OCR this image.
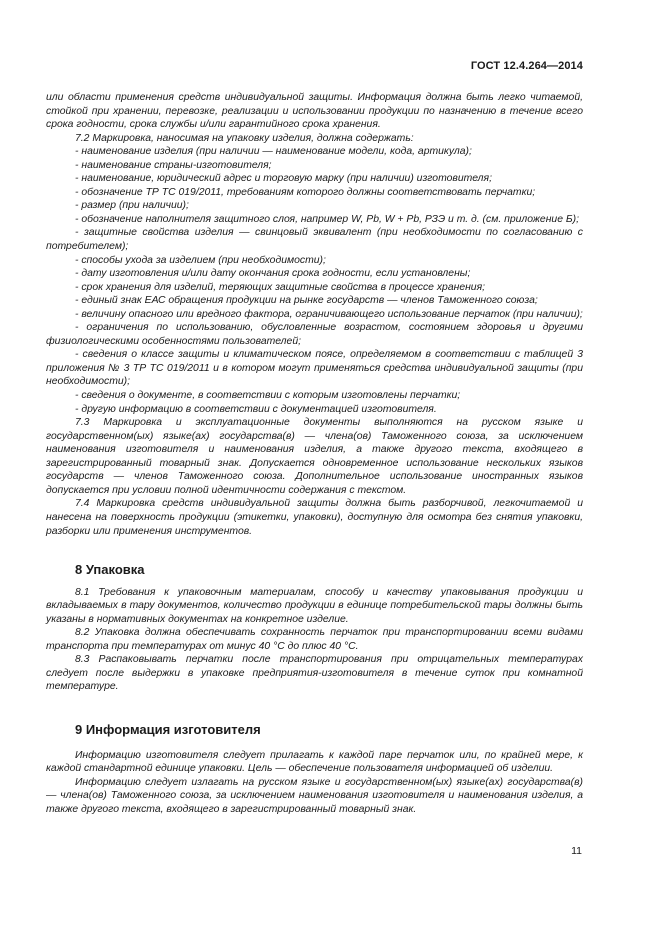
ГОСТ 12.4.264—2014

или области применения средств индивидуальной защиты. Информация должна быть легко читаемой, стойкой при хранении, перевозке, реализации и использовании продукции по назначению в течение всего срока годности, срока службы и/или гарантийного срока хранения.

7.2 Маркировка, наносимая на упаковку изделия, должна содержать:

- наименование изделия (при наличии — наименование модели, кода, артикула);

- наименование страны-изготовителя;

- наименование, юридический адрес и торговую марку (при наличии) изготовителя;

- обозначение ТР ТС 019/2011, требованиям которого должны соответствовать перчатки;

- размер (при наличии);

- обозначение наполнителя защитного слоя, например W, Pb, W + Pb, РЗЭ и т. д. (см. приложение Б);

- защитные свойства изделия — свинцовый эквивалент (при необходимости по согласованию с потребителем);

- способы ухода за изделием (при необходимости);

- дату изготовления и/или дату окончания срока годности, если установлены;

- срок хранения для изделий, теряющих защитные свойства в процессе хранения;

- единый знак ЕАС обращения продукции на рынке государств — членов Таможенного союза;

- величину опасного или вредного фактора, ограничивающего использование перчаток (при наличии);

- ограничения по использованию, обусловленные возрастом, состоянием здоровья и другими физиологическими особенностями пользователей;

- сведения о классе защиты и климатическом поясе, определяемом в соответствии с таблицей 3 приложения № 3 ТР ТС 019/2011 и в котором могут применяться средства индивидуальной защиты (при необходимости);

- сведения о документе, в соответствии с которым изготовлены перчатки;

- другую информацию в соответствии с документацией изготовителя.

7.3 Маркировка и эксплуатационные документы выполняются на русском языке и государственном(ых) языке(ах) государства(в) — члена(ов) Таможенного союза, за исключением наименования изготовителя и наименования изделия, а также другого текста, входящего в зарегистрированный товарный знак. Допускается одновременное использование нескольких языков государств — членов Таможенного союза. Дополнительное использование иностранных языков допускается при условии полной идентичности содержания с текстом.

7.4 Маркировка средств индивидуальной защиты должна быть разборчивой, легкочитаемой и нанесена на поверхность продукции (этикетки, упаковки), доступную для осмотра без снятия упаковки, разборки или применения инструментов.

8 Упаковка

8.1 Требования к упаковочным материалам, способу и качеству упаковывания продукции и вкладываемых в тару документов, количество продукции в единице потребительской тары должны быть указаны в нормативных документах на конкретное изделие.

8.2 Упаковка должна обеспечивать сохранность перчаток при транспортировании всеми видами транспорта при температурах от минус 40 °С до плюс 40 °С.

8.3 Распаковывать перчатки после транспортирования при отрицательных температурах следует после выдержки в упаковке предприятия-изготовителя в течение суток при комнатной температуре.

9 Информация изготовителя

Информацию изготовителя следует прилагать к каждой паре перчаток или, по крайней мере, к каждой стандартной единице упаковки. Цель — обеспечение пользователя информацией об изделии.

Информацию следует излагать на русском языке и государственном(ых) языке(ах) государства(в) — члена(ов) Таможенного союза, за исключением наименования изготовителя и наименования изделия, а также другого текста, входящего в зарегистрированный товарный знак.

11
